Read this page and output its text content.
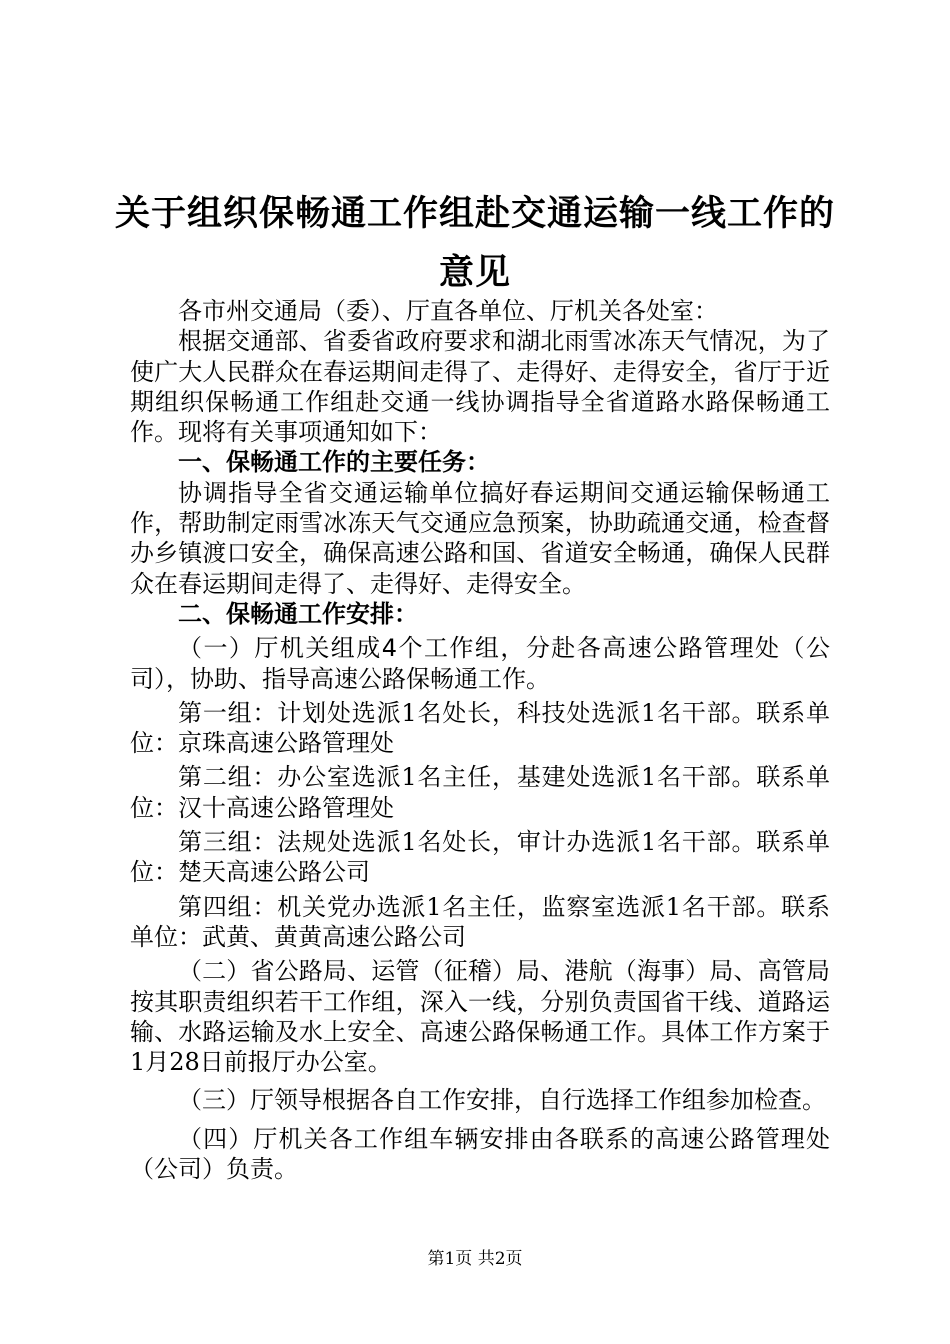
关于组织保畅通工作组赴交通运输一线工作的
意见

各市州交通局（委）、厅直各单位、厅机关各处室：

根据交通部、省委省政府要求和湖北雨雪冰冻天气情况，为了使广大人民群众在春运期间走得了、走得好、走得安全，省厅于近期组织保畅通工作组赴交通一线协调指导全省道路水路保畅通工作。现将有关事项通知如下：

一、保畅通工作的主要任务：

协调指导全省交通运输单位搞好春运期间交通运输保畅通工作，帮助制定雨雪冰冻天气交通应急预案，协助疏通交通，检查督办乡镇渡口安全，确保高速公路和国、省道安全畅通，确保人民群众在春运期间走得了、走得好、走得安全。

二、保畅通工作安排：

（一）厅机关组成4个工作组，分赴各高速公路管理处（公司），协助、指导高速公路保畅通工作。

第一组：计划处选派1名处长，科技处选派1名干部。联系单位：京珠高速公路管理处

第二组：办公室选派1名主任，基建处选派1名干部。联系单位：汉十高速公路管理处

第三组：法规处选派1名处长，审计办选派1名干部。联系单位：楚天高速公路公司

第四组：机关党办选派1名主任，监察室选派1名干部。联系单位：武黄、黄黄高速公路公司

（二）省公路局、运管（征稽）局、港航（海事）局、高管局按其职责组织若干工作组，深入一线，分别负责国省干线、道路运输、水路运输及水上安全、高速公路保畅通工作。具体工作方案于1月28日前报厅办公室。

（三）厅领导根据各自工作安排，自行选择工作组参加检查。

（四）厅机关各工作组车辆安排由各联系的高速公路管理处（公司）负责。

第1页 共2页
